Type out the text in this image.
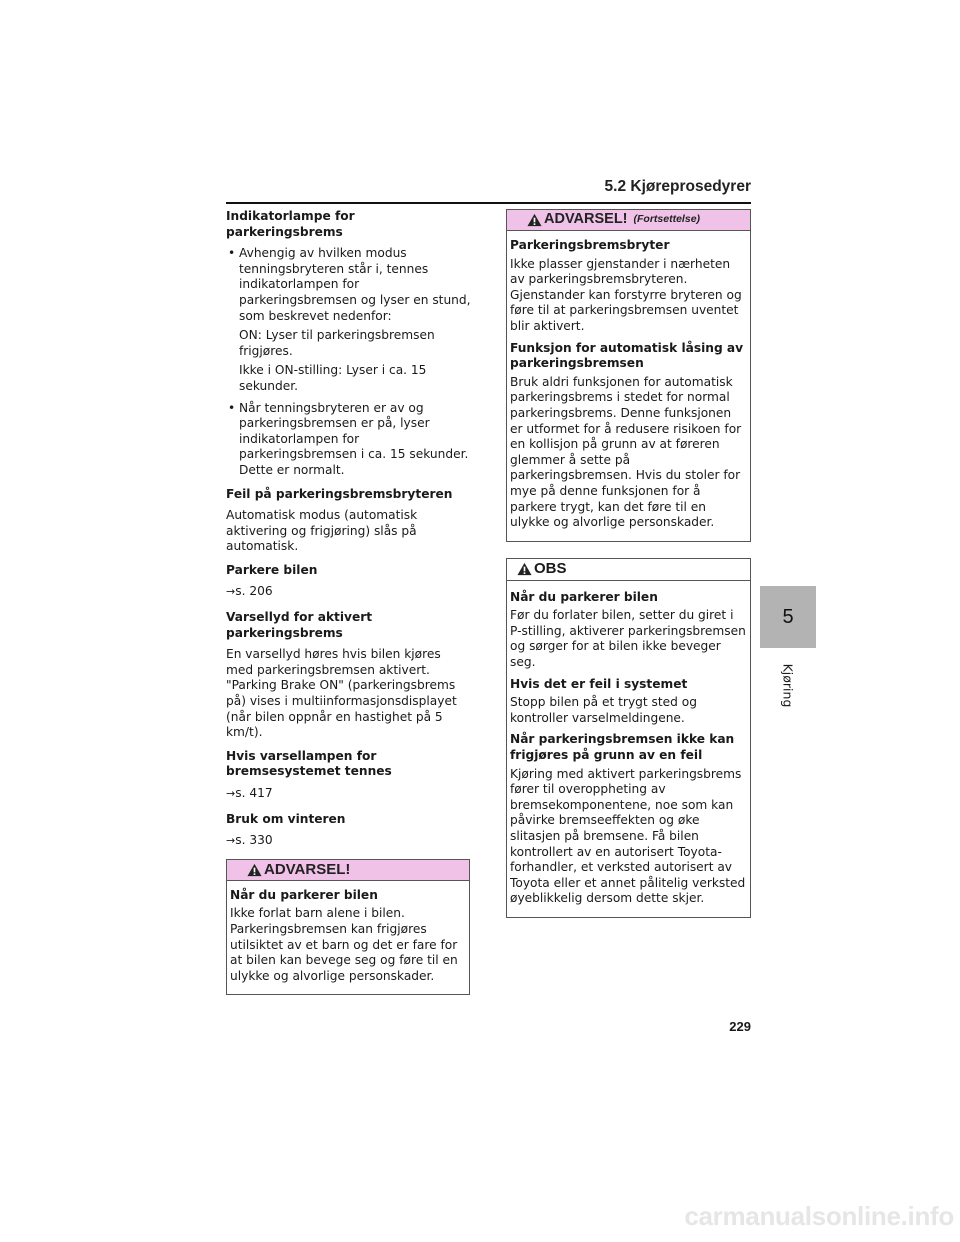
5.2 Kjøreprosedyrer
Indikatorlampe for parkeringsbrems
• Avhengig av hvilken modus tenningsbryteren står i, tennes indikatorlampen for parkeringsbremsen og lyser en stund, som beskrevet nedenfor:
ON: Lyser til parkeringsbremsen frigjøres.
Ikke i ON-stilling: Lyser i ca. 15 sekunder.
• Når tenningsbryteren er av og parkeringsbremsen er på, lyser indikatorlampen for parkeringsbremsen i ca. 15 sekunder. Dette er normalt.
Feil på parkeringsbremsbryteren

Automatisk modus (automatisk aktivering og frigjøring) slås på automatisk.

Parkere bilen
→s. 206
Varsellyd for aktivert parkeringsbrems

En varsellyd høres hvis bilen kjøres med parkeringsbremsen aktivert. "Parking Brake ON" (parkeringsbrems på) vises i multiinformasjonsdisplayet (når bilen oppnår en hastighet på 5 km/t).

Hvis varsellampen for bremsesystemet tennes
→s. 417
Bruk om vinteren
→s. 330
ADVARSEL!
Når du parkerer bilen

Ikke forlat barn alene i bilen. Parkeringsbremsen kan frigjøres utilsiktet av et barn og det er fare for at bilen kan bevege seg og føre til en ulykke og alvorlige personskader.

ADVARSEL! (Fortsettelse)
Parkeringsbremsbryter

Ikke plasser gjenstander i nærheten av parkeringsbremsbryteren. Gjenstander kan forstyrre bryteren og føre til at parkeringsbremsen uventet blir aktivert.

Funksjon for automatisk låsing av parkeringsbremsen

Bruk aldri funksjonen for automatisk parkeringsbrems i stedet for normal parkeringsbrems. Denne funksjonen er utformet for å redusere risikoen for en kollisjon på grunn av at føreren glemmer å sette på parkeringsbremsen. Hvis du stoler for mye på denne funksjonen for å parkere trygt, kan det føre til en ulykke og alvorlige personskader.

OBS
Når du parkerer bilen

Før du forlater bilen, setter du giret i P-stilling, aktiverer parkeringsbremsen og sørger for at bilen ikke beveger seg.

Hvis det er feil i systemet

Stopp bilen på et trygt sted og kontroller varselmeldingene.

Når parkeringsbremsen ikke kan frigjøres på grunn av en feil

Kjøring med aktivert parkeringsbrems fører til overoppheting av bremsekomponentene, noe som kan påvirke bremseeffekten og øke slitasjen på bremsene. Få bilen kontrollert av en autorisert Toyota-forhandler, et verksted autorisert av Toyota eller et annet pålitelig verksted øyeblikkelig dersom dette skjer.

5
Kjøring
229
carmanualsonline.info
